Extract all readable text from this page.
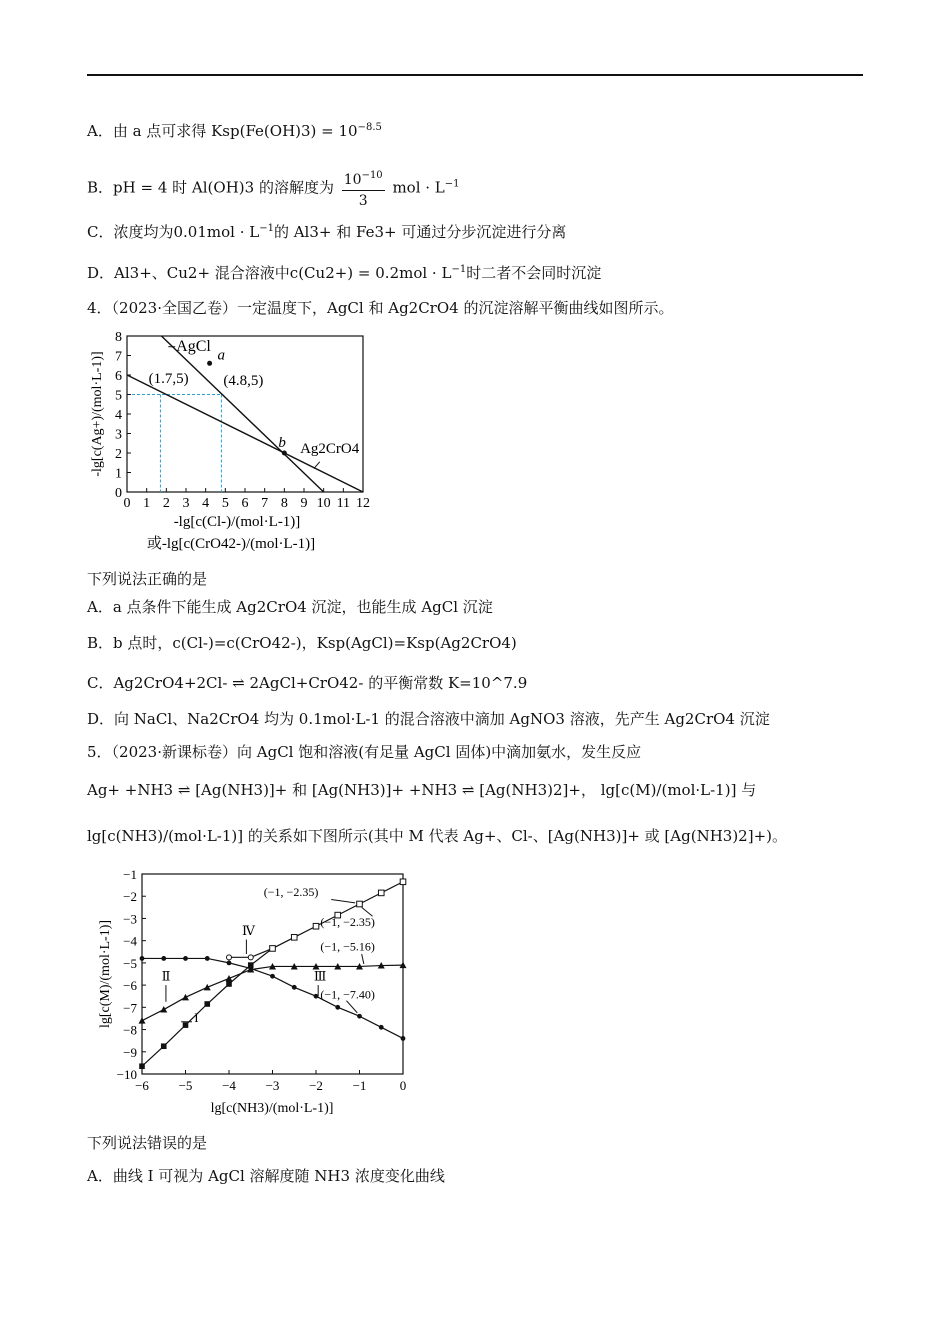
A．由 a 点可求得 $Ksp(Fe(OH)3) = 10^{-8.5}$
B．pH = 4 时 Al(OH)3 的溶解度为 $\frac{10^{-10}}{3}$ mol · $L^{-1}$
C．浓度均为$0.01mol \cdot L^{-1}$的 Al3+ 和 Fe3+ 可通过分步沉淀进行分离
D．Al3+、Cu2+ 混合溶液中$c(Cu2+) = 0.2mol \cdot L^{-1}$时二者不会同时沉淀
4．（2023·全国乙卷）一定温度下，AgCl 和 Ag2CrO4 的沉淀溶解平衡曲线如图所示。
0 1 2 3 4 5 6 7 8 9 10 11 12
0
1
2
3
4
5
6
7
8
AgCl
a
(1.7,5) (4.8,5)
b Ag2CrO4
-lg[c(Ag+)/(mol·L-1)]
-lg[c(Cl-)/(mol·L-1)]
或-lg[c(CrO42-)/(mol·L-1)]
下列说法正确的是
A．a 点条件下能生成 Ag2CrO4 沉淀，也能生成 AgCl 沉淀
B．b 点时，c(Cl-)=c(CrO42-)，Ksp(AgCl)=Ksp(Ag2CrO4)
C．Ag2CrO4+2Cl- ⇌ 2AgCl+CrO42- 的平衡常数 K=10^7.9
D．向 NaCl、Na2CrO4 均为 0.1mol·L-1 的混合溶液中滴加 AgNO3 溶液，先产生 Ag2CrO4 沉淀
5．（2023·新课标卷）向 AgCl 饱和溶液(有足量 AgCl 固体)中滴加氨水，发生反应
Ag+ +NH3 ⇌ [Ag(NH3)]+ 和 [Ag(NH3)]+ +NH3 ⇌ [Ag(NH3)2]+， lg[c(M)/(mol·L-1)] 与
lg[c(NH3)/(mol·L-1)] 的关系如下图所示(其中 M 代表 Ag+、Cl-、[Ag(NH3)]+ 或 [Ag(NH3)2]+)。
−6 −5 −4 −3 −2 −1	0
−1
−2
−3
−4
−5
−6
−7
−8
−9
−10
(−1, −2.35)
(−1, −2.35)
(−1, −5.16)
(−1, −7.40)
I
Ⅱ	Ⅲ
Ⅳ
lg[c(M)/(mol·L-1)]
lg[c(NH3)/(mol·L-1)]
下列说法错误的是
A．曲线 I 可视为 AgCl 溶解度随 NH3 浓度变化曲线
